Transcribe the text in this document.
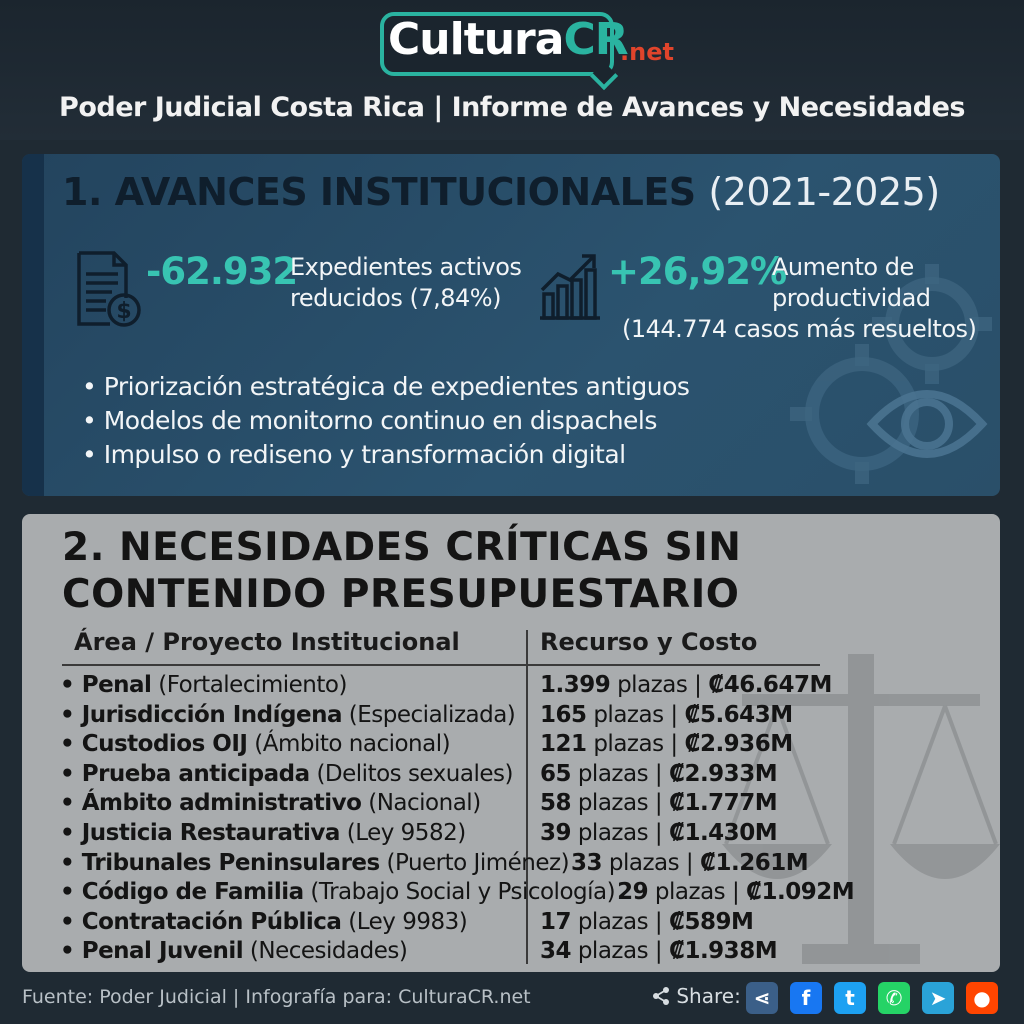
CulturaCR
.net
Poder Judicial Costa Rica | Informe de Avances y Necesidades
1. AVANCES INSTITUCIONALES (2021-2025)
$
-62.932
Expedientes activos
reducidos (7,84%)
+26,92%
Aumento de
productividad
(144.774 casos más resueltos)
• Priorización estratégica de expedientes antiguos
• Modelos de monitorno continuo en dispachels
• Impulso o rediseno y transformación digital
2. NECESIDADES CRÍTICAS SIN
CONTENIDO PRESUPUESTARIO
Área / Proyecto Institucional	Recurso y Costo
• Penal (Fortalecimiento)	1.399 plazas | ₡46.647M
• Jurisdicción Indígena (Especializada) 165 plazas | ₡5.643M
• Custodios OIJ (Ámbito nacional)	121 plazas | ₡2.936M
• Prueba anticipada (Delitos sexuales) 65 plazas | ₡2.933M
• Ámbito administrativo (Nacional)	58 plazas | ₡1.777M
• Justicia Restaurativa (Ley 9582)	39 plazas | ₡1.430M
• Tribunales Peninsulares (Puerto Jiménez) 33 plazas | ₡1.261M
• Código de Familia (Trabajo Social y Psicología) 29 plazas | ₡1.092M
• Contratación Pública (Ley 9983)	17 plazas | ₡589M
• Penal Juvenil (Necesidades)	34 plazas | ₡1.938M
Fuente: Poder Judicial | Infografía para: CulturaCR.net	Share: ⋖ f t ✆ ➤ ●
